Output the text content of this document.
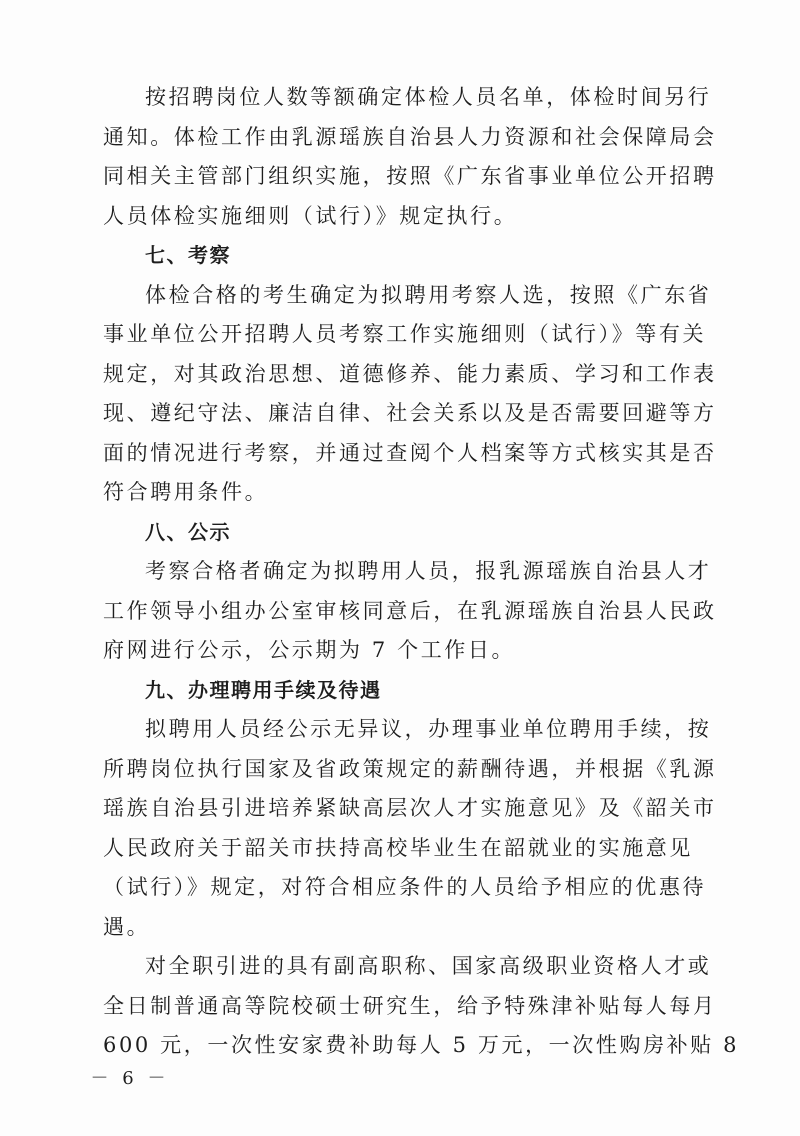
按招聘岗位人数等额确定体检人员名单，体检时间另行
通知。体检工作由乳源瑶族自治县人力资源和社会保障局会
同相关主管部门组织实施，按照《广东省事业单位公开招聘
人员体检实施细则（试行）》规定执行。

七、考察

体检合格的考生确定为拟聘用考察人选，按照《广东省
事业单位公开招聘人员考察工作实施细则（试行）》等有关
规定，对其政治思想、道德修养、能力素质、学习和工作表
现、遵纪守法、廉洁自律、社会关系以及是否需要回避等方
面的情况进行考察，并通过查阅个人档案等方式核实其是否
符合聘用条件。

八、公示

考察合格者确定为拟聘用人员，报乳源瑶族自治县人才
工作领导小组办公室审核同意后，在乳源瑶族自治县人民政
府网进行公示，公示期为 7 个工作日。

九、办理聘用手续及待遇

拟聘用人员经公示无异议，办理事业单位聘用手续，按
所聘岗位执行国家及省政策规定的薪酬待遇，并根据《乳源
瑶族自治县引进培养紧缺高层次人才实施意见》及《韶关市
人民政府关于韶关市扶持高校毕业生在韶就业的实施意见
（试行）》规定，对符合相应条件的人员给予相应的优惠待
遇。

对全职引进的具有副高职称、国家高级职业资格人才或
全日制普通高等院校硕士研究生，给予特殊津补贴每人每月
600 元，一次性安家费补助每人 5 万元，一次性购房补贴 8

－ 6 －
